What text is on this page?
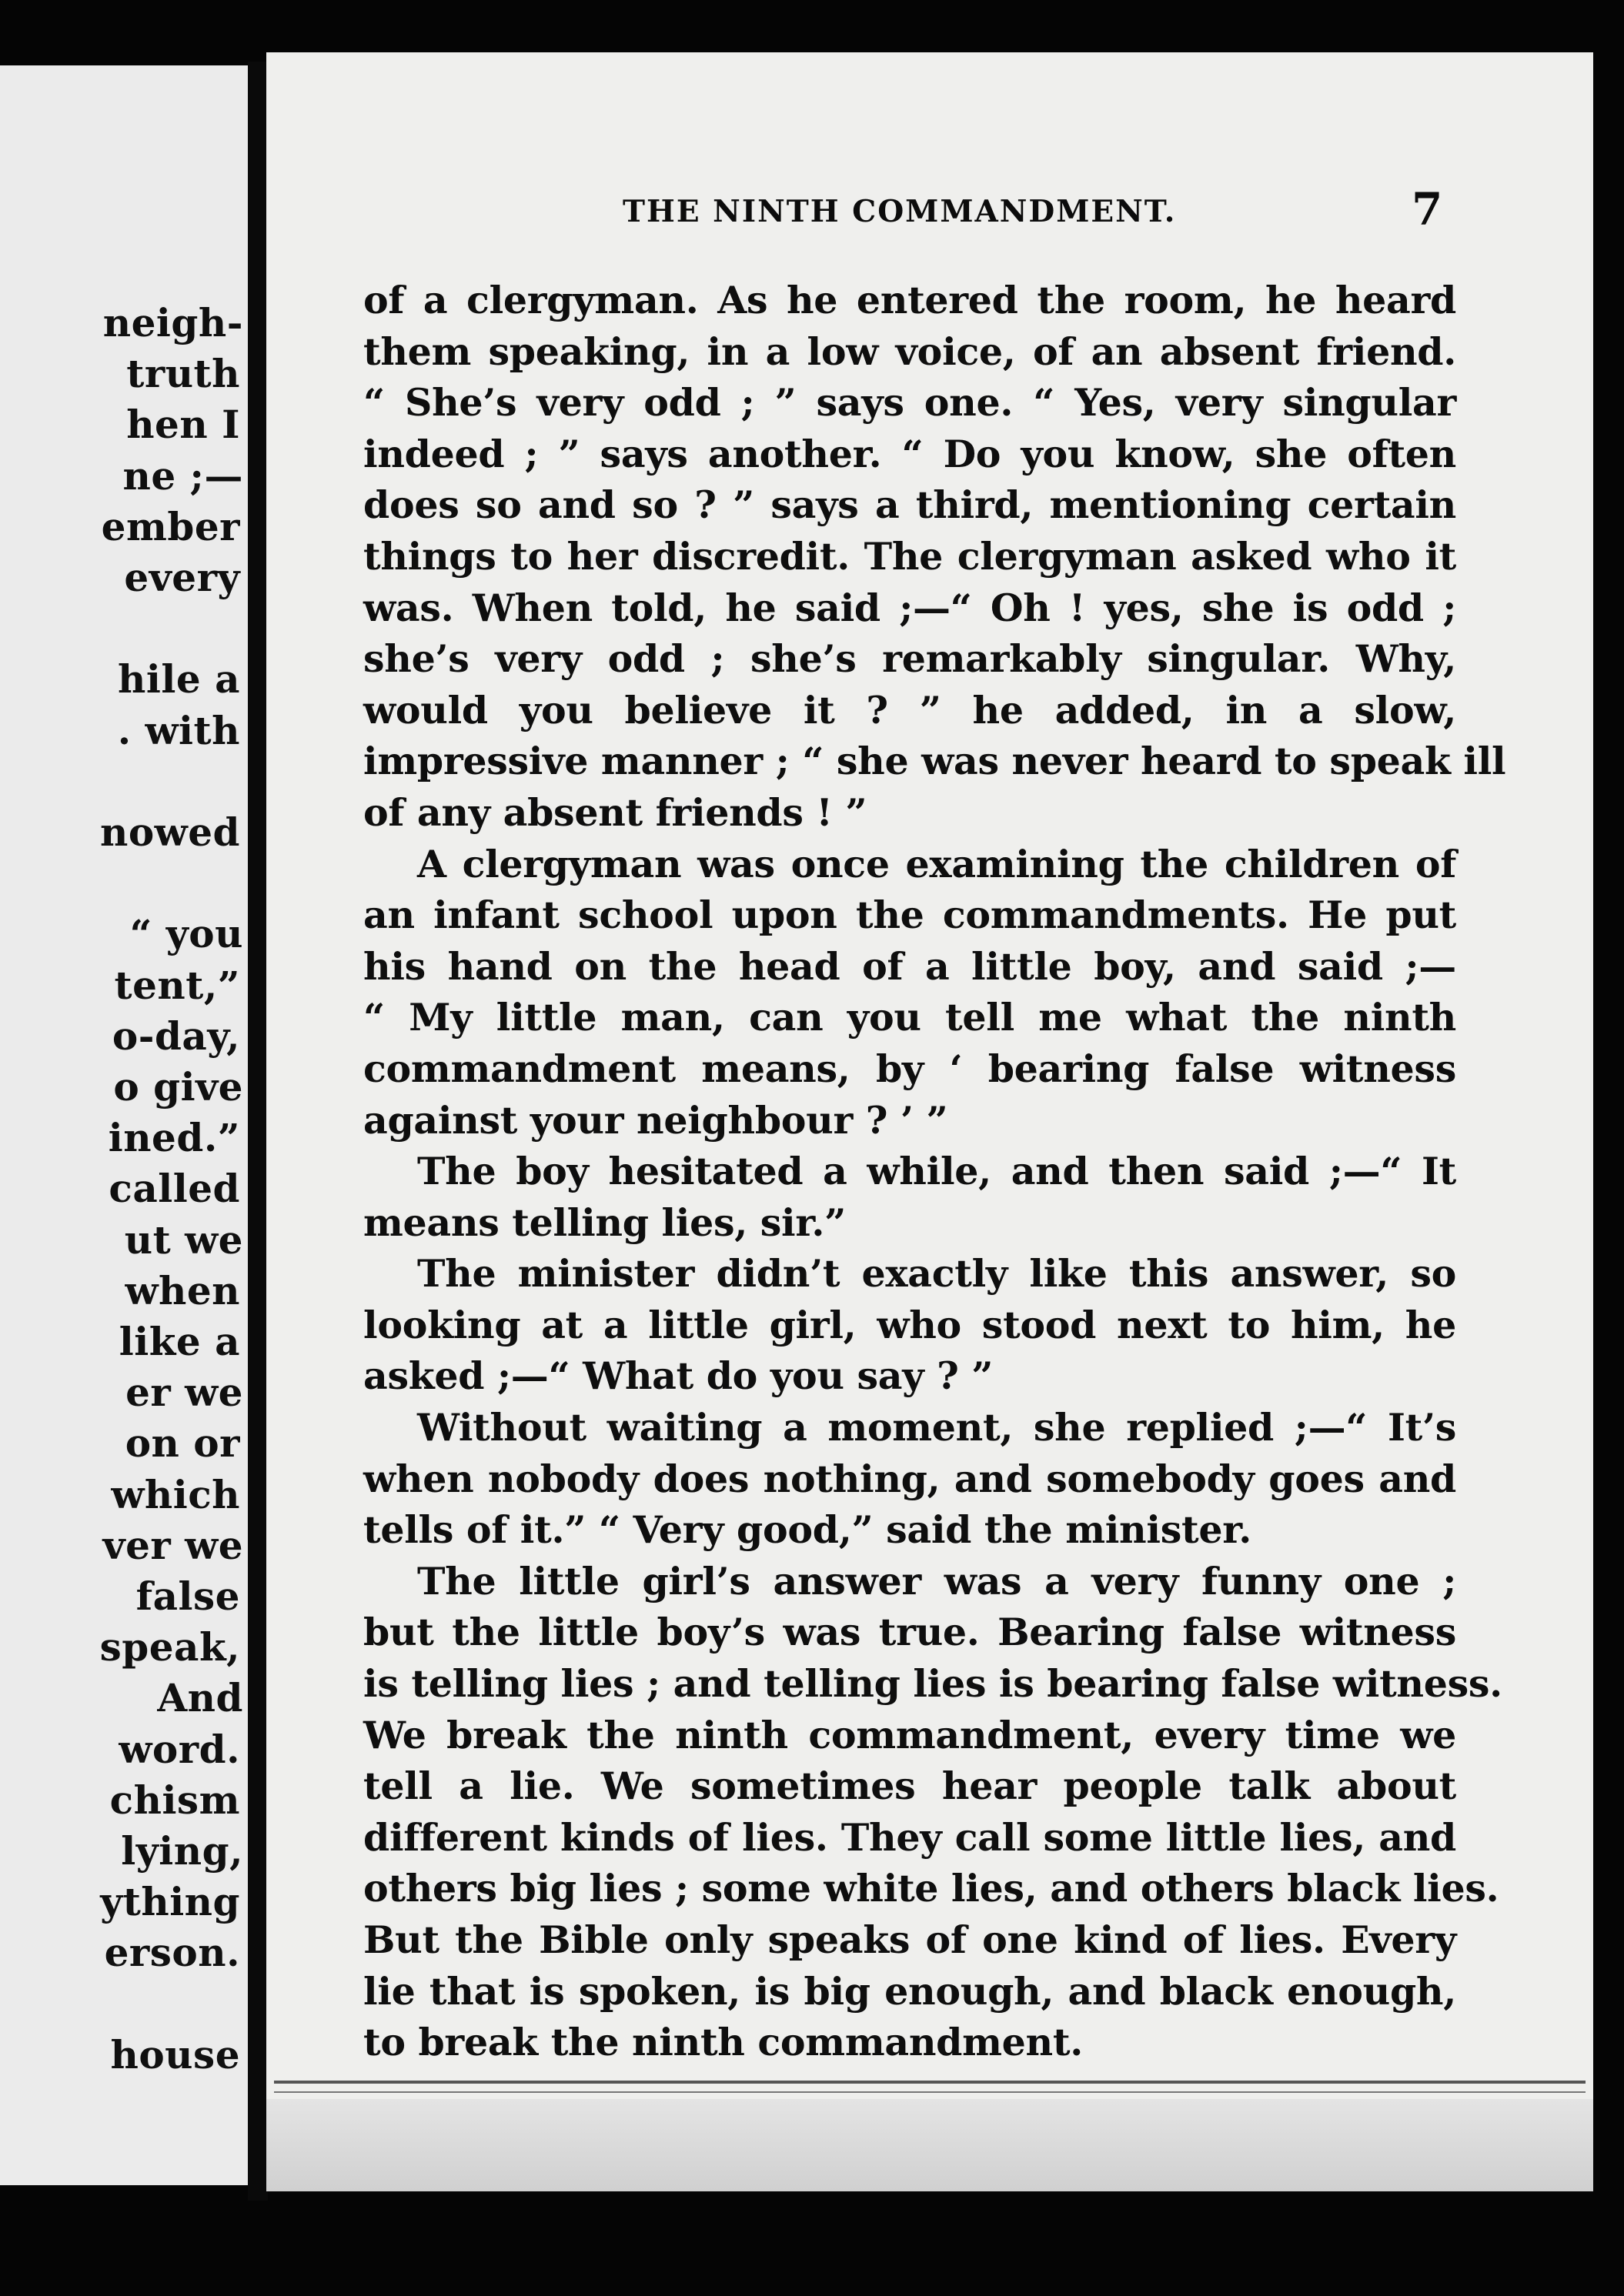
neigh-
truth
hen I
ne ;—
ember
every
hile a
. with
nowed
“ you
tent,”
o-day,
o give
ined.”
called
ut we
when
like a
er we
on or
which
ver we
false
speak,
And
word.
chism
lying,
ything
erson.
house
THE NINTH COMMANDMENT.	7
of a clergyman. As he entered the room, he heard
them speaking, in a low voice, of an absent friend.
“ She’s very odd ; ” says one. “ Yes, very singular
indeed ; ” says another. “ Do you know, she often
does so and so ? ” says a third, mentioning certain
things to her discredit. The clergyman asked who it
was. When told, he said ;—“ Oh ! yes, she is odd ;
she’s very odd ; she’s remarkably singular. Why,
would you believe it ? ” he added, in a slow,
impressive manner ; “ she was never heard to speak ill
of any absent friends ! ”
A clergyman was once examining the children of
an infant school upon the commandments. He put
his hand on the head of a little boy, and said ;—
“ My little man, can you tell me what the ninth
commandment means, by ‘ bearing false witness
against your neighbour ? ’ ”
The boy hesitated a while, and then said ;—“ It
means telling lies, sir.”
The minister didn’t exactly like this answer, so
looking at a little girl, who stood next to him, he
asked ;—“ What do you say ? ”
Without waiting a moment, she replied ;—“ It’s
when nobody does nothing, and somebody goes and
tells of it.” “ Very good,” said the minister.
The little girl’s answer was a very funny one ;
but the little boy’s was true. Bearing false witness
is telling lies ; and telling lies is bearing false witness.
We break the ninth commandment, every time we
tell a lie. We sometimes hear people talk about
different kinds of lies. They call some little lies, and
others big lies ; some white lies, and others black lies.
But the Bible only speaks of one kind of lies. Every
lie that is spoken, is big enough, and black enough,
to break the ninth commandment.
